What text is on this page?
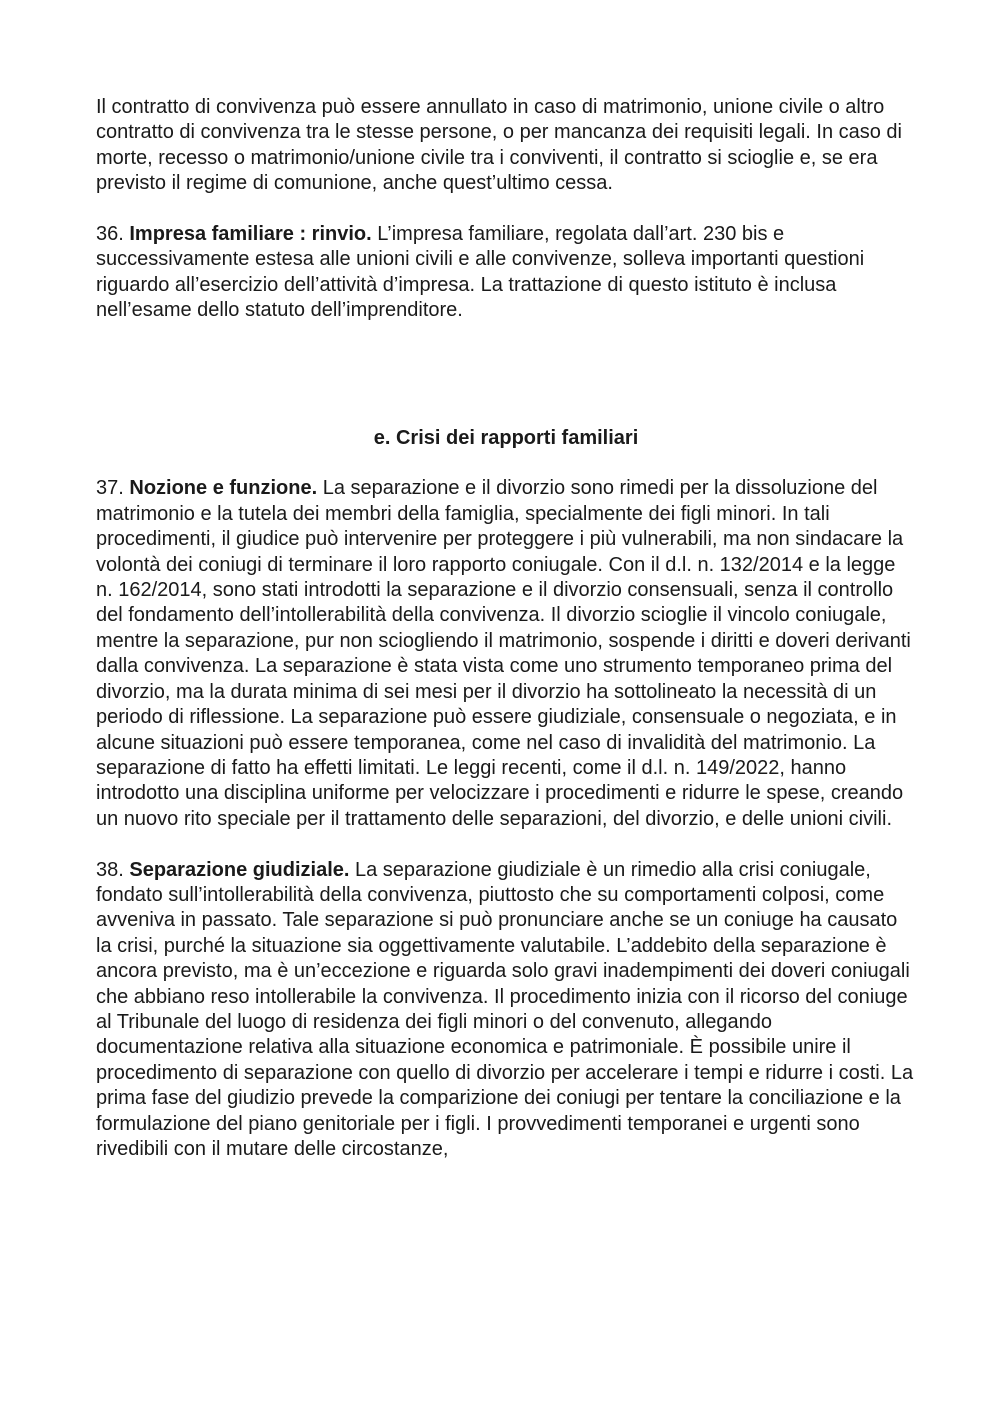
Il contratto di convivenza può essere annullato in caso di matrimonio, unione civile o altro contratto di convivenza tra le stesse persone, o per mancanza dei requisiti legali. In caso di morte, recesso o matrimonio/unione civile tra i conviventi, il contratto si scioglie e, se era previsto il regime di comunione, anche quest’ultimo cessa.

36. Impresa familiare : rinvio. L’impresa familiare, regolata dall’art. 230 bis e successivamente estesa alle unioni civili e alle convivenze, solleva importanti questioni riguardo all’esercizio dell’attività d’impresa. La trattazione di questo istituto è inclusa nell’esame dello statuto dell’imprenditore.

e. Crisi dei rapporti familiari

37. Nozione e funzione. La separazione e il divorzio sono rimedi per la dissoluzione del matrimonio e la tutela dei membri della famiglia, specialmente dei figli minori. In tali procedimenti, il giudice può intervenire per proteggere i più vulnerabili, ma non sindacare la volontà dei coniugi di terminare il loro rapporto coniugale. Con il d.l. n. 132/2014 e la legge n. 162/2014, sono stati introdotti la separazione e il divorzio consensuali, senza il controllo del fondamento dell’intollerabilità della convivenza. Il divorzio scioglie il vincolo coniugale, mentre la separazione, pur non sciogliendo il matrimonio, sospende i diritti e doveri derivanti dalla convivenza. La separazione è stata vista come uno strumento temporaneo prima del divorzio, ma la durata minima di sei mesi per il divorzio ha sottolineato la necessità di un periodo di riflessione. La separazione può essere giudiziale, consensuale o negoziata, e in alcune situazioni può essere temporanea, come nel caso di invalidità del matrimonio. La separazione di fatto ha effetti limitati. Le leggi recenti, come il d.l. n. 149/2022, hanno introdotto una disciplina uniforme per velocizzare i procedimenti e ridurre le spese, creando un nuovo rito speciale per il trattamento delle separazioni, del divorzio, e delle unioni civili.

38. Separazione giudiziale. La separazione giudiziale è un rimedio alla crisi coniugale, fondato sull’intollerabilità della convivenza, piuttosto che su comportamenti colposi, come avveniva in passato. Tale separazione si può pronunciare anche se un coniuge ha causato la crisi, purché la situazione sia oggettivamente valutabile. L’addebito della separazione è ancora previsto, ma è un’eccezione e riguarda solo gravi inadempimenti dei doveri coniugali che abbiano reso intollerabile la convivenza. Il procedimento inizia con il ricorso del coniuge al Tribunale del luogo di residenza dei figli minori o del convenuto, allegando documentazione relativa alla situazione economica e patrimoniale. È possibile unire il procedimento di separazione con quello di divorzio per accelerare i tempi e ridurre i costi. La prima fase del giudizio prevede la comparizione dei coniugi per tentare la conciliazione e la formulazione del piano genitoriale per i figli. I provvedimenti temporanei e urgenti sono rivedibili con il mutare delle circostanze,
